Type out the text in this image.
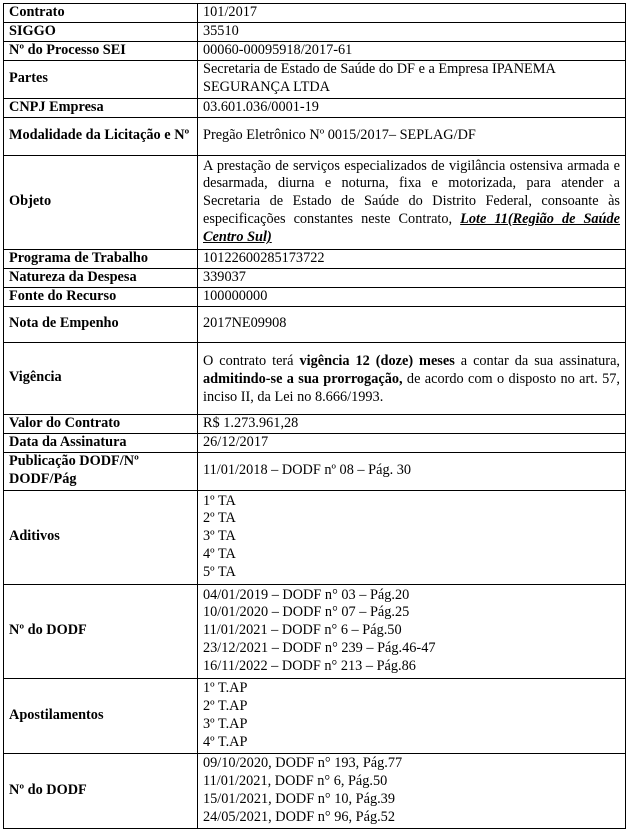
Contrato	101/2017
SIGGO	35510
Nº do Processo SEI	00060-00095918/2017-61
Partes	Secretaria de Estado de Saúde do DF e a Empresa IPANEMA SEGURANÇA LTDA
CNPJ Empresa	03.601.036/0001-19
Modalidade da Licitação e Nº	Pregão Eletrônico Nº 0015/2017– SEPLAG/DF
Objeto	A prestação de serviços especializados de vigilância ostensiva armada e desarmada, diurna e noturna, fixa e motorizada, para atender a Secretaria de Estado de Saúde do Distrito Federal, consoante às especificações constantes neste Contrato, Lote 11(Região de Saúde Centro Sul)
Programa de Trabalho	10122600285173722
Natureza da Despesa	339037
Fonte do Recurso	100000000
Nota de Empenho	2017NE09908
Vigência	O contrato terá vigência 12 (doze) meses a contar da sua assinatura, admitindo-se a sua prorrogação, de acordo com o disposto no art. 57, inciso II, da Lei no 8.666/1993.
Valor do Contrato	R$ 1.273.961,28
Data da Assinatura	26/12/2017
Publicação DODF/Nº DODF/Pág	11/01/2018 – DODF nº 08 – Pág. 30
Aditivos	1º TA
2º TA
3º TA
4º TA
5º TA

Nº do DODF	04/01/2019 – DODF n° 03 – Pág.20
10/01/2020 – DODF n° 07 – Pág.25
11/01/2021 – DODF n° 6 – Pág.50
23/12/2021 – DODF n° 239 – Pág.46-47
16/11/2022 – DODF n° 213 – Pág.86

Apostilamentos	1º T.AP
2º T.AP
3º T.AP
4º T.AP

Nº do DODF	09/10/2020, DODF n° 193, Pág.77
11/01/2021, DODF n° 6, Pág.50
15/01/2021, DODF n° 10, Pág.39
24/05/2021, DODF n° 96, Pág.52
